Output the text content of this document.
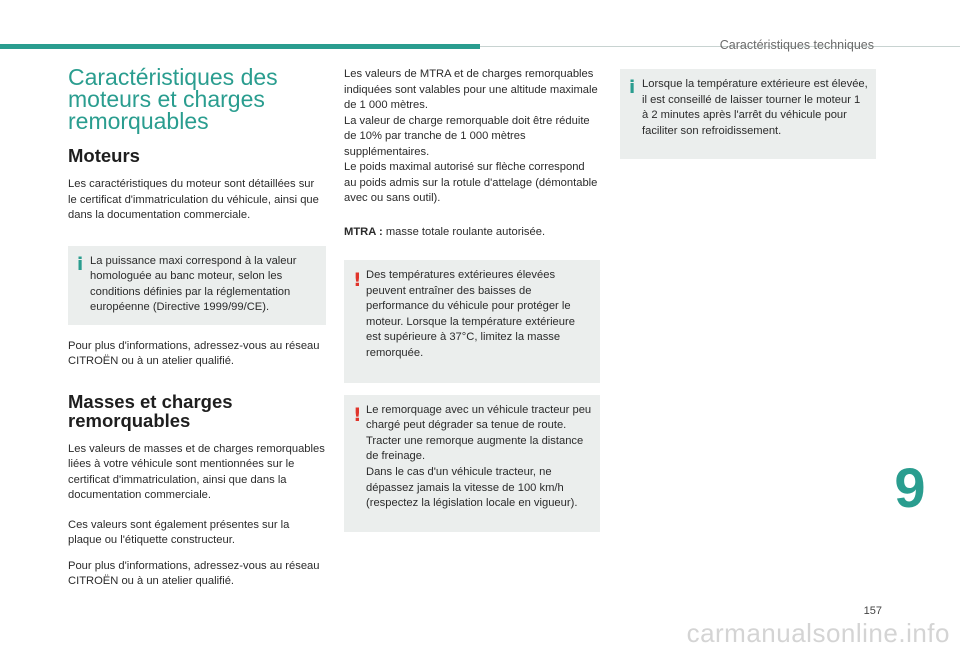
Caractéristiques techniques
Caractéristiques des
moteurs et charges
remorquables
Moteurs

Les caractéristiques du moteur sont détaillées sur le certificat d'immatriculation du véhicule, ainsi que dans la documentation commerciale.

i La puissance maxi correspond à la valeur homologuée au banc moteur, selon les conditions définies par la réglementation européenne (Directive 1999/99/CE).

Pour plus d'informations, adressez-vous au réseau CITROËN ou à un atelier qualifié.

Masses et charges
remorquables

Les valeurs de masses et de charges remorquables liées à votre véhicule sont mentionnées sur le certificat d'immatriculation, ainsi que dans la documentation commerciale.

Ces valeurs sont également présentes sur la plaque ou l'étiquette constructeur.

Pour plus d'informations, adressez-vous au réseau CITROËN ou à un atelier qualifié.

Les valeurs de MTRA et de charges remorquables indiquées sont valables pour une altitude maximale de 1 000 mètres.

La valeur de charge remorquable doit être réduite de 10% par tranche de 1 000 mètres supplémentaires.

Le poids maximal autorisé sur flèche correspond au poids admis sur la rotule d'attelage (démontable avec ou sans outil).

MTRA : masse totale roulante autorisée.

! Des températures extérieures élevées peuvent entraîner des baisses de performance du véhicule pour protéger le moteur. Lorsque la température extérieure est supérieure à 37°C, limitez la masse remorquée.

! Le remorquage avec un véhicule tracteur peu chargé peut dégrader sa tenue de route.

Tracter une remorque augmente la distance de freinage.

Dans le cas d'un véhicule tracteur, ne dépassez jamais la vitesse de 100 km/h (respectez la législation locale en vigueur).

i Lorsque la température extérieure est élevée, il est conseillé de laisser tourner le moteur 1 à 2 minutes après l'arrêt du véhicule pour faciliter son refroidissement.

9
157
carmanualsonline.info
